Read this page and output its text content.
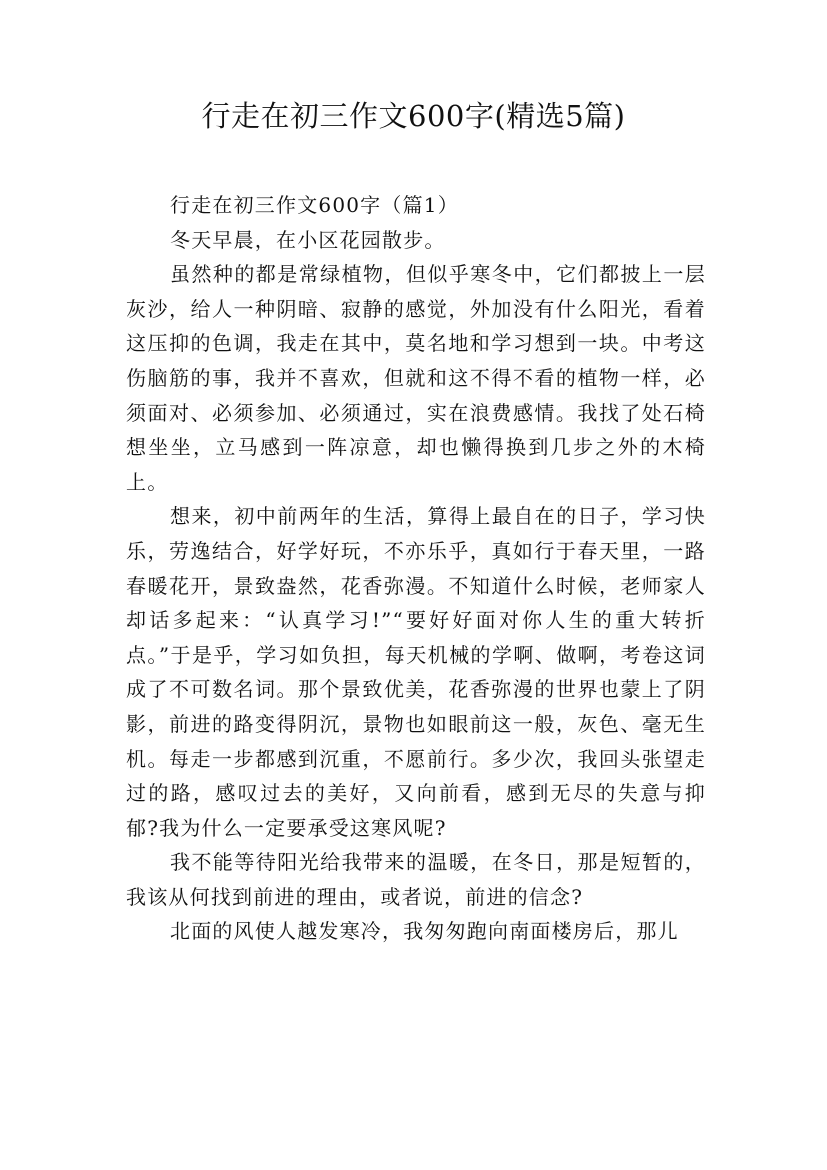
行走在初三作文600字(精选5篇)

行走在初三作文600字（篇1）

冬天早晨，在小区花园散步。

虽然种的都是常绿植物，但似乎寒冬中，它们都披上一层灰沙，给人一种阴暗、寂静的感觉，外加没有什么阳光，看着这压抑的色调，我走在其中，莫名地和学习想到一块。中考这伤脑筋的事，我并不喜欢，但就和这不得不看的植物一样，必须面对、必须参加、必须通过，实在浪费感情。我找了处石椅想坐坐，立马感到一阵凉意，却也懒得换到几步之外的木椅上。

想来，初中前两年的生活，算得上最自在的日子，学习快乐，劳逸结合，好学好玩，不亦乐乎，真如行于春天里，一路春暖花开，景致盎然，花香弥漫。不知道什么时候，老师家人却话多起来：“认真学习!”“要好好面对你人生的重大转折点。”于是乎，学习如负担，每天机械的学啊、做啊，考卷这词成了不可数名词。那个景致优美，花香弥漫的世界也蒙上了阴影，前进的路变得阴沉，景物也如眼前这一般，灰色、毫无生机。每走一步都感到沉重，不愿前行。多少次，我回头张望走过的路，感叹过去的美好，又向前看，感到无尽的失意与抑郁?我为什么一定要承受这寒风呢?

我不能等待阳光给我带来的温暖，在冬日，那是短暂的，我该从何找到前进的理由，或者说，前进的信念?

北面的风使人越发寒冷，我匆匆跑向南面楼房后，那儿
